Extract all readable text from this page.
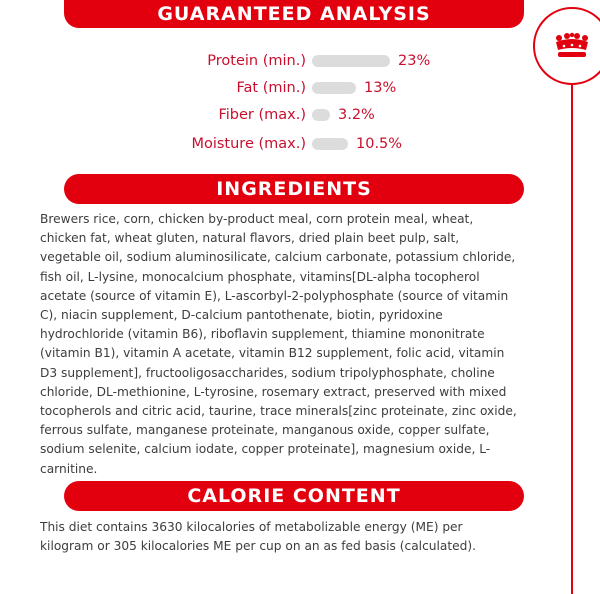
GUARANTEED ANALYSIS
Protein (min.)	23%
Fat (min.)	13%
Fiber (max.)	3.2%
Moisture (max.)	10.5%
INGREDIENTS

Brewers rice, corn, chicken by-product meal, corn protein meal, wheat, chicken fat, wheat gluten, natural flavors, dried plain beet pulp, salt, vegetable oil, sodium aluminosilicate, calcium carbonate, potassium chloride, fish oil, L-lysine, monocalcium phosphate, vitamins[DL-alpha tocopherol acetate (source of vitamin E), L-ascorbyl-2-polyphosphate (source of vitamin C), niacin supplement, D-calcium pantothenate, biotin, pyridoxine hydrochloride (vitamin B6), riboflavin supplement, thiamine mononitrate (vitamin B1), vitamin A acetate, vitamin B12 supplement, folic acid, vitamin D3 supplement], fructooligosaccharides, sodium tripolyphosphate, choline chloride, DL-methionine, L-tyrosine, rosemary extract, preserved with mixed tocopherols and citric acid, taurine, trace minerals[zinc proteinate, zinc oxide, ferrous sulfate, manganese proteinate, manganous oxide, copper sulfate, sodium selenite, calcium iodate, copper proteinate], magnesium oxide, L-carnitine.

CALORIE CONTENT

This diet contains 3630 kilocalories of metabolizable energy (ME) per kilogram or 305 kilocalories ME per cup on an as fed basis (calculated).
